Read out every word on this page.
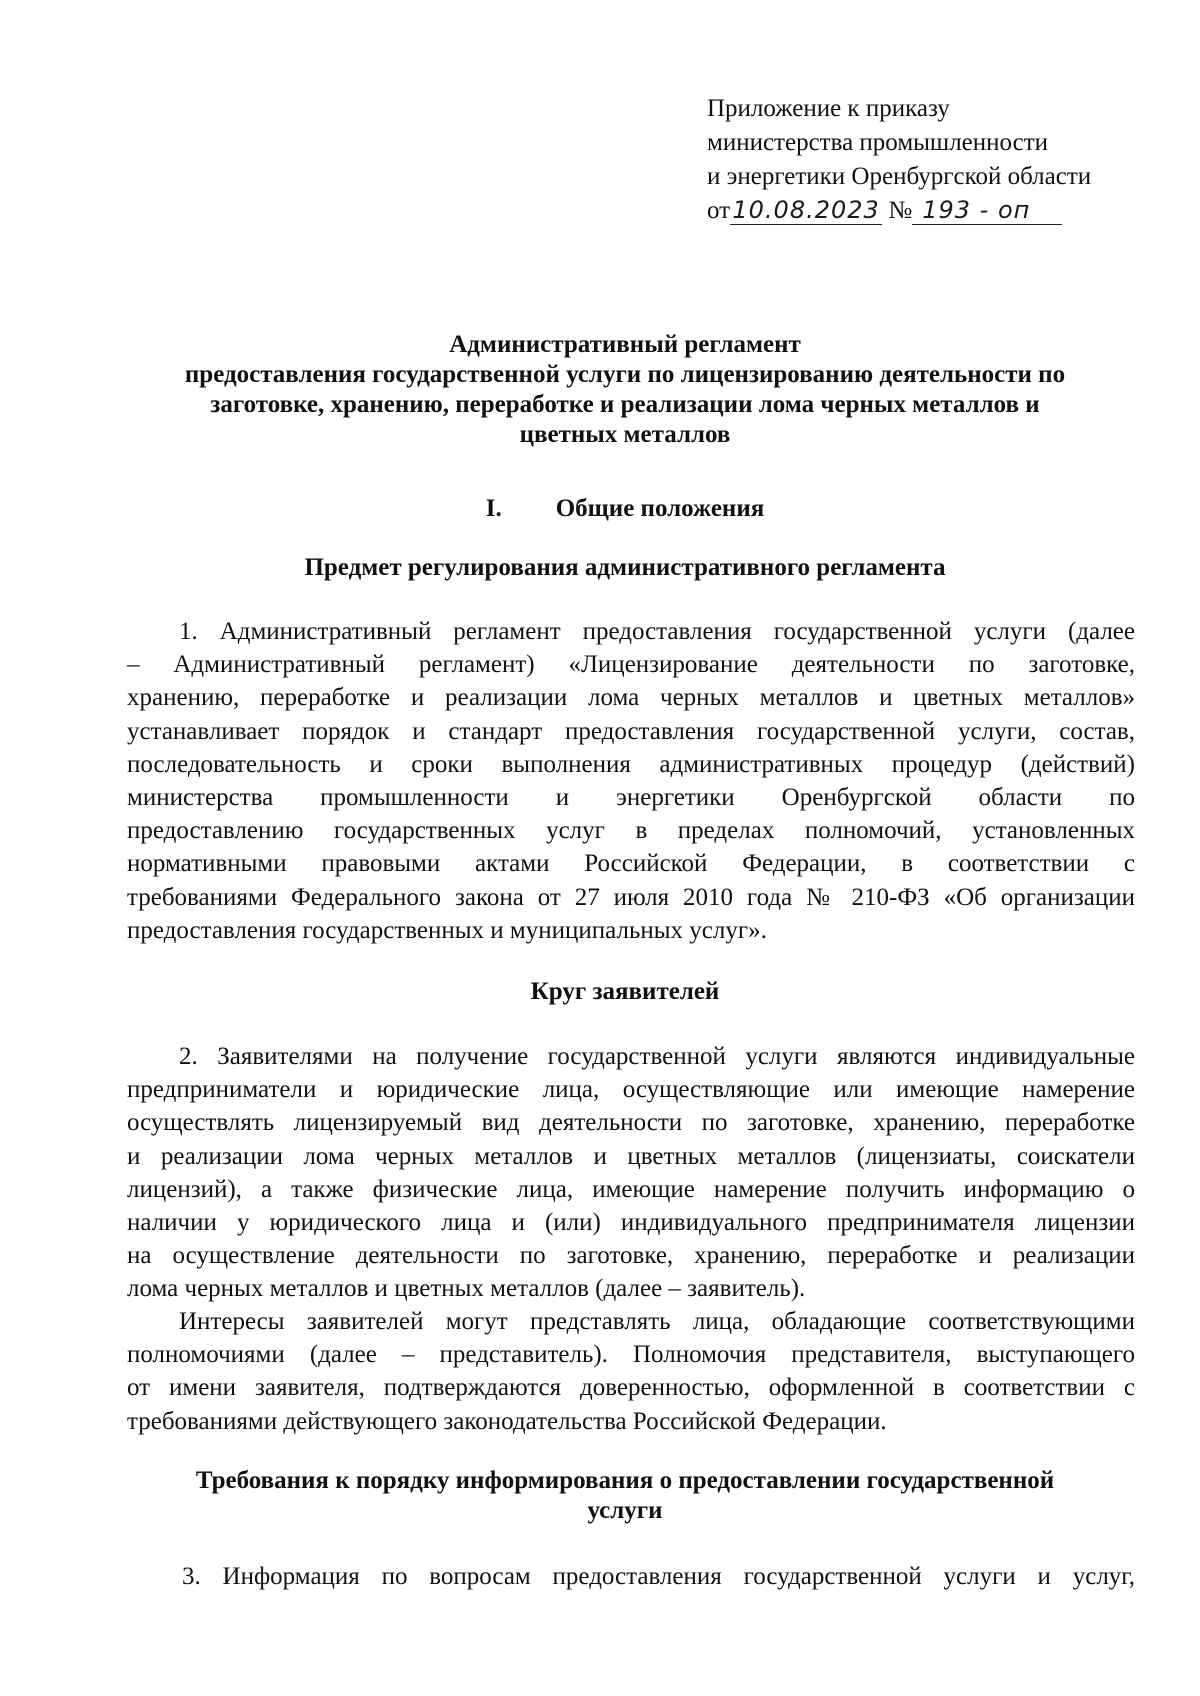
Приложение к приказу
министерства промышленности
и энергетики Оренбургской области
от10.08.2023 № 193 - оп
Административный регламент
предоставления государственной услуги по лицензированию деятельности по
заготовке, хранению, переработке и реализации лома черных металлов и
цветных металлов
I. Общие положения
Предмет регулирования административного регламента
1. Административный регламент предоставления государственной услуги (далее
– Административный регламент) «Лицензирование деятельности по заготовке,
хранению, переработке и реализации лома черных металлов и цветных металлов»
устанавливает порядок и стандарт предоставления государственной услуги, состав,
последовательность и сроки выполнения административных процедур (действий)
министерства промышленности и энергетики Оренбургской области по
предоставлению государственных услуг в пределах полномочий, установленных
нормативными правовыми актами Российской Федерации, в соответствии с
требованиями Федерального закона от 27 июля 2010 года № 210-ФЗ «Об организации
предоставления государственных и муниципальных услуг».
Круг заявителей
2. Заявителями на получение государственной услуги являются индивидуальные
предприниматели и юридические лица, осуществляющие или имеющие намерение
осуществлять лицензируемый вид деятельности по заготовке, хранению, переработке
и реализации лома черных металлов и цветных металлов (лицензиаты, соискатели
лицензий), а также физические лица, имеющие намерение получить информацию о
наличии у юридического лица и (или) индивидуального предпринимателя лицензии
на осуществление деятельности по заготовке, хранению, переработке и реализации
лома черных металлов и цветных металлов (далее – заявитель).
Интересы заявителей могут представлять лица, обладающие соответствующими
полномочиями (далее – представитель). Полномочия представителя, выступающего
от имени заявителя, подтверждаются доверенностью, оформленной в соответствии с
требованиями действующего законодательства Российской Федерации.
Требования к порядку информирования о предоставлении государственной
услуги
3. Информация по вопросам предоставления государственной услуги и услуг,
